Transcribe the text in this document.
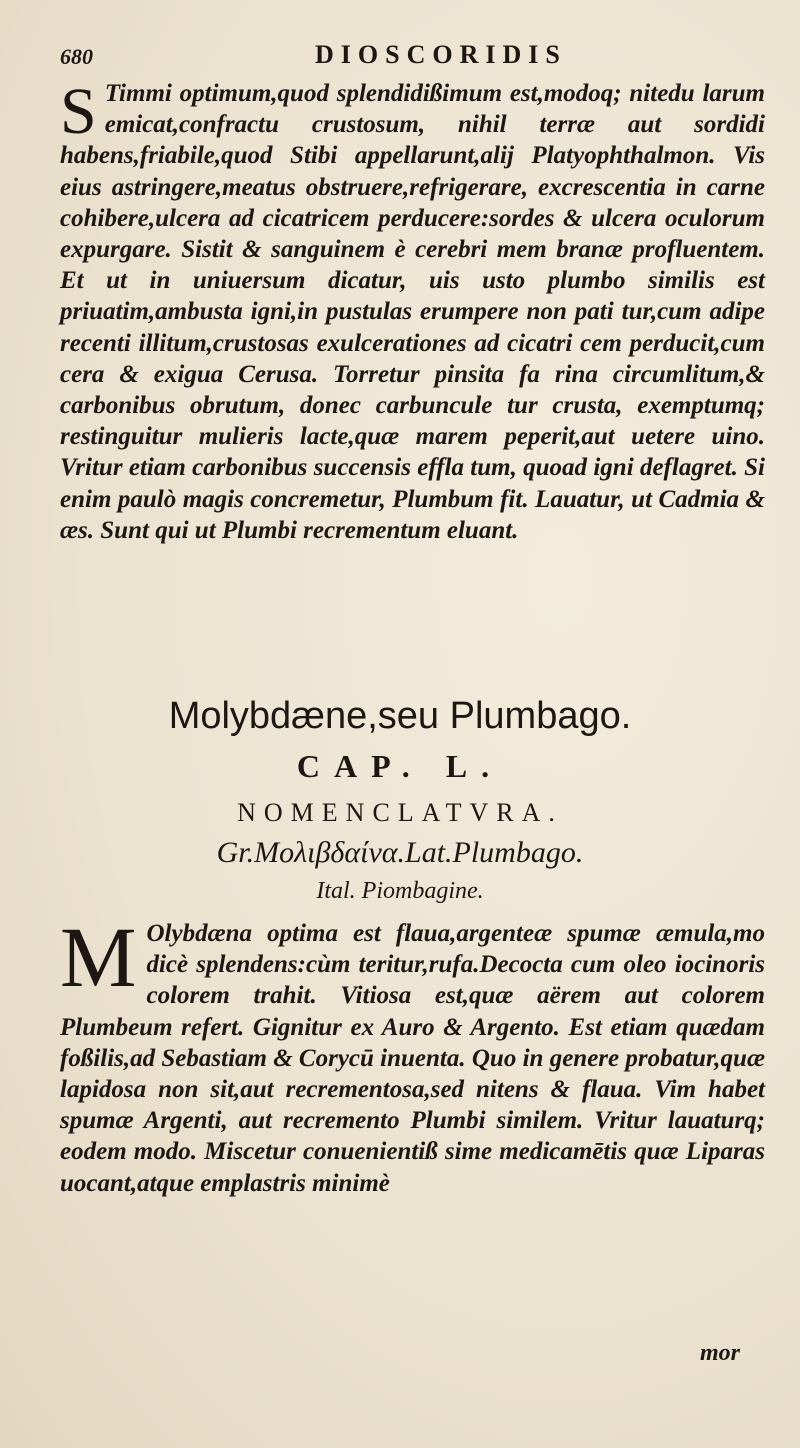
680	DIOSCORIDIS

S Timmi optimum,quod splendidißimum est,modoq; nitedu larum emicat,confractu crustosum, nihil terræ aut sordidi habens,friabile,quod Stibi appellarunt,alij Platyophthalmon. Vis eius astringere,meatus obstruere,refrigerare, excrescentia in carne cohibere,ulcera ad cicatricem perducere:sordes & ulcera oculorum expurgare. Sistit & sanguinem è cerebri mem branæ profluentem. Et ut in uniuersum dicatur, uis usto plumbo similis est priuatim,ambusta igni,in pustulas erumpere non pati tur,cum adipe recenti illitum,crustosas exulcerationes ad cicatri cem perducit,cum cera & exigua Cerusa. Torretur pinsita fa rina circumlitum,& carbonibus obrutum, donec carbuncule tur crusta, exemptumq; restinguitur mulieris lacte,quæ marem peperit,aut uetere uino. Vritur etiam carbonibus succensis effla tum, quoad igni deflagret. Si enim paulò magis concremetur, Plumbum fit. Lauatur, ut Cadmia & æs. Sunt qui ut Plumbi recrementum eluant.

Molybdæne,seu Plumbago.
CAP. L.
NOMENCLATVRA.
Gr.Μολιβδαίνα.Lat.Plumbago.
Ital. Piombagine.

M Olybdæna optima est flaua,argenteæ spumæ æmula,mo dicè splendens:cùm teritur,rufa.Decocta cum oleo iocinoris colorem trahit. Vitiosa est,quæ aërem aut colorem Plumbeum refert. Gignitur ex Auro & Argento. Est etiam quædam foßilis,ad Sebastiam & Corycū inuenta. Quo in genere probatur,quæ lapidosa non sit,aut recrementosa,sed nitens & flaua. Vim habet spumæ Argenti, aut recremento Plumbi similem. Vritur lauaturq; eodem modo. Miscetur conuenientiß sime medicamētis quæ Liparas uocant,atque emplastris minimè

mor
